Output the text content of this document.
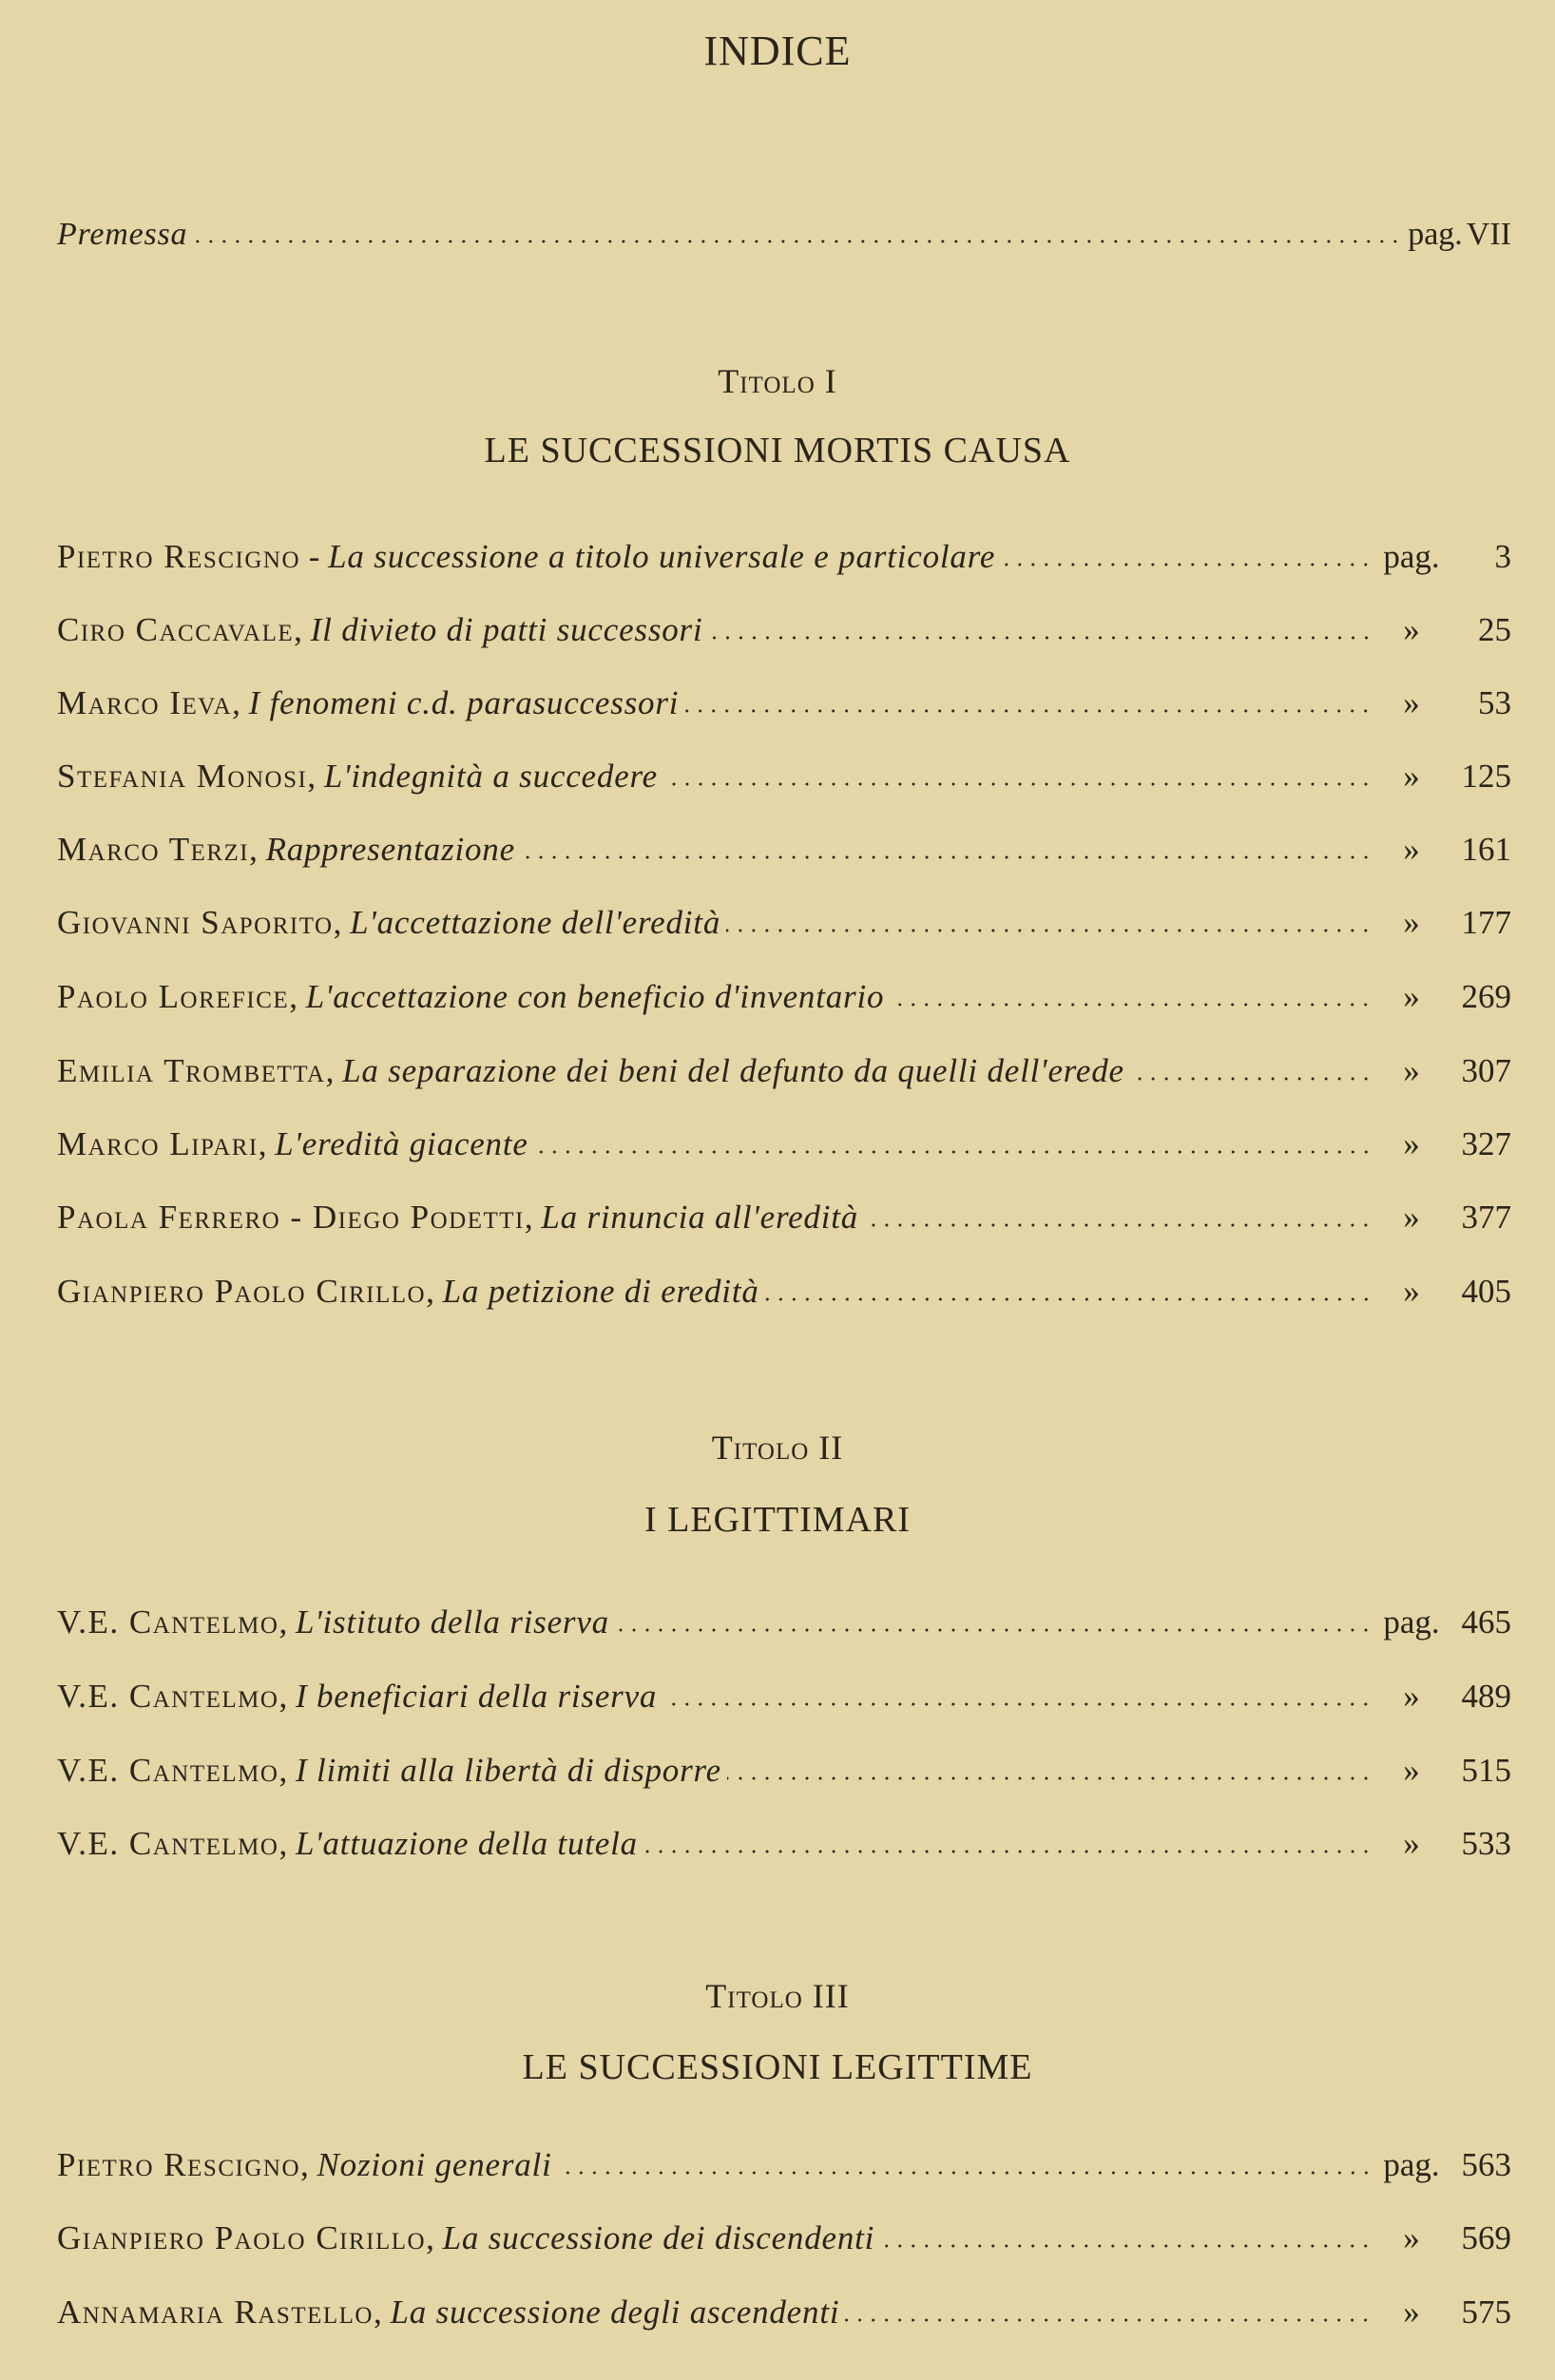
INDICE
Premessa	pag. VII
Titolo I
LE SUCCESSIONI MORTIS CAUSA
Pietro Rescigno - La successione a titolo universale e particolare	pag.	3
Ciro Caccavale , Il divieto di patti successori	»	25
Marco Ieva , I fenomeni c.d. parasuccessori	»	53
Stefania Monosi , L'indegnità a succedere	»	125
Marco Terzi , Rappresentazione	»	161
Giovanni Saporito , L'accettazione dell'eredità	»	177
Paolo Lorefice , L'accettazione con beneficio d'inventario	»	269
Emilia Trombetta , La separazione dei beni del defunto da quelli dell'erede	»	307
Marco Lipari , L'eredità giacente	»	327
Paola Ferrero - Diego Podetti , La rinuncia all'eredità	»	377
Gianpiero Paolo Cirillo , La petizione di eredità	»	405
Titolo II
I LEGITTIMARI
V.E. Cantelmo , L'istituto della riserva	pag. 465
V.E. Cantelmo , I beneficiari della riserva	»	489
V.E. Cantelmo , I limiti alla libertà di disporre	»	515
V.E. Cantelmo , L'attuazione della tutela	»	533
Titolo III
LE SUCCESSIONI LEGITTIME
Pietro Rescigno , Nozioni generali	pag. 563
Gianpiero Paolo Cirillo , La successione dei discendenti	»	569
Annamaria Rastello , La successione degli ascendenti	»	575
